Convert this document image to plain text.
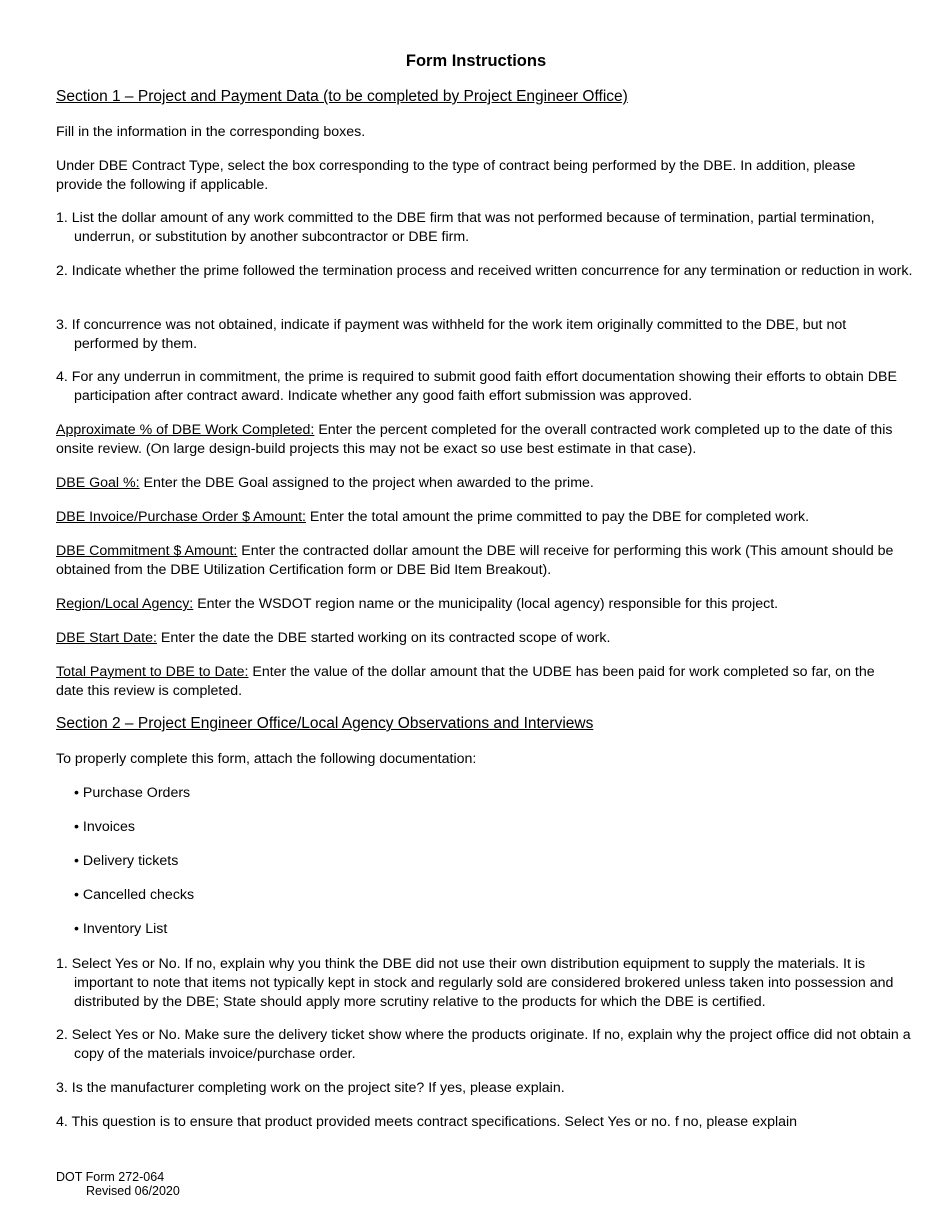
Form Instructions
Section 1 – Project and Payment Data (to be completed by Project Engineer Office)

Fill in the information in the corresponding boxes.

Under DBE Contract Type, select the box corresponding to the type of contract being performed by the DBE. In addition, please provide the following if applicable.

1. List the dollar amount of any work committed to the DBE firm that was not performed because of termination, partial termination, underrun, or substitution by another subcontractor or DBE firm.

2. Indicate whether the prime followed the termination process and received written concurrence for any termination or reduction in work.

3. If concurrence was not obtained, indicate if payment was withheld for the work item originally committed to the DBE, but not performed by them.

4. For any underrun in commitment, the prime is required to submit good faith effort documentation showing their efforts to obtain DBE participation after contract award. Indicate whether any good faith effort submission was approved.

Approximate % of DBE Work Completed: Enter the percent completed for the overall contracted work completed up to the date of this onsite review. (On large design-build projects this may not be exact so use best estimate in that case).

DBE Goal %: Enter the DBE Goal assigned to the project when awarded to the prime.

DBE Invoice/Purchase Order $ Amount: Enter the total amount the prime committed to pay the DBE for completed work.

DBE Commitment $ Amount: Enter the contracted dollar amount the DBE will receive for performing this work (This amount should be obtained from the DBE Utilization Certification form or DBE Bid Item Breakout).

Region/Local Agency: Enter the WSDOT region name or the municipality (local agency) responsible for this project.

DBE Start Date: Enter the date the DBE started working on its contracted scope of work.

Total Payment to DBE to Date: Enter the value of the dollar amount that the UDBE has been paid for work completed so far, on the date this review is completed.

Section 2 – Project Engineer Office/Local Agency Observations and Interviews

To properly complete this form, attach the following documentation:

• Purchase Orders

• Invoices

• Delivery tickets

• Cancelled checks

• Inventory List

1. Select Yes or No. If no, explain why you think the DBE did not use their own distribution equipment to supply the materials. It is important to note that items not typically kept in stock and regularly sold are considered brokered unless taken into possession and distributed by the DBE; State should apply more scrutiny relative to the products for which the DBE is certified.

2. Select Yes or No. Make sure the delivery ticket show where the products originate. If no, explain why the project office did not obtain a copy of the materials invoice/purchase order.

3. Is the manufacturer completing work on the project site? If yes, please explain.

4. This question is to ensure that product provided meets contract specifications. Select Yes or no. f no, please explain

DOT Form 272-064
Revised 06/2020
